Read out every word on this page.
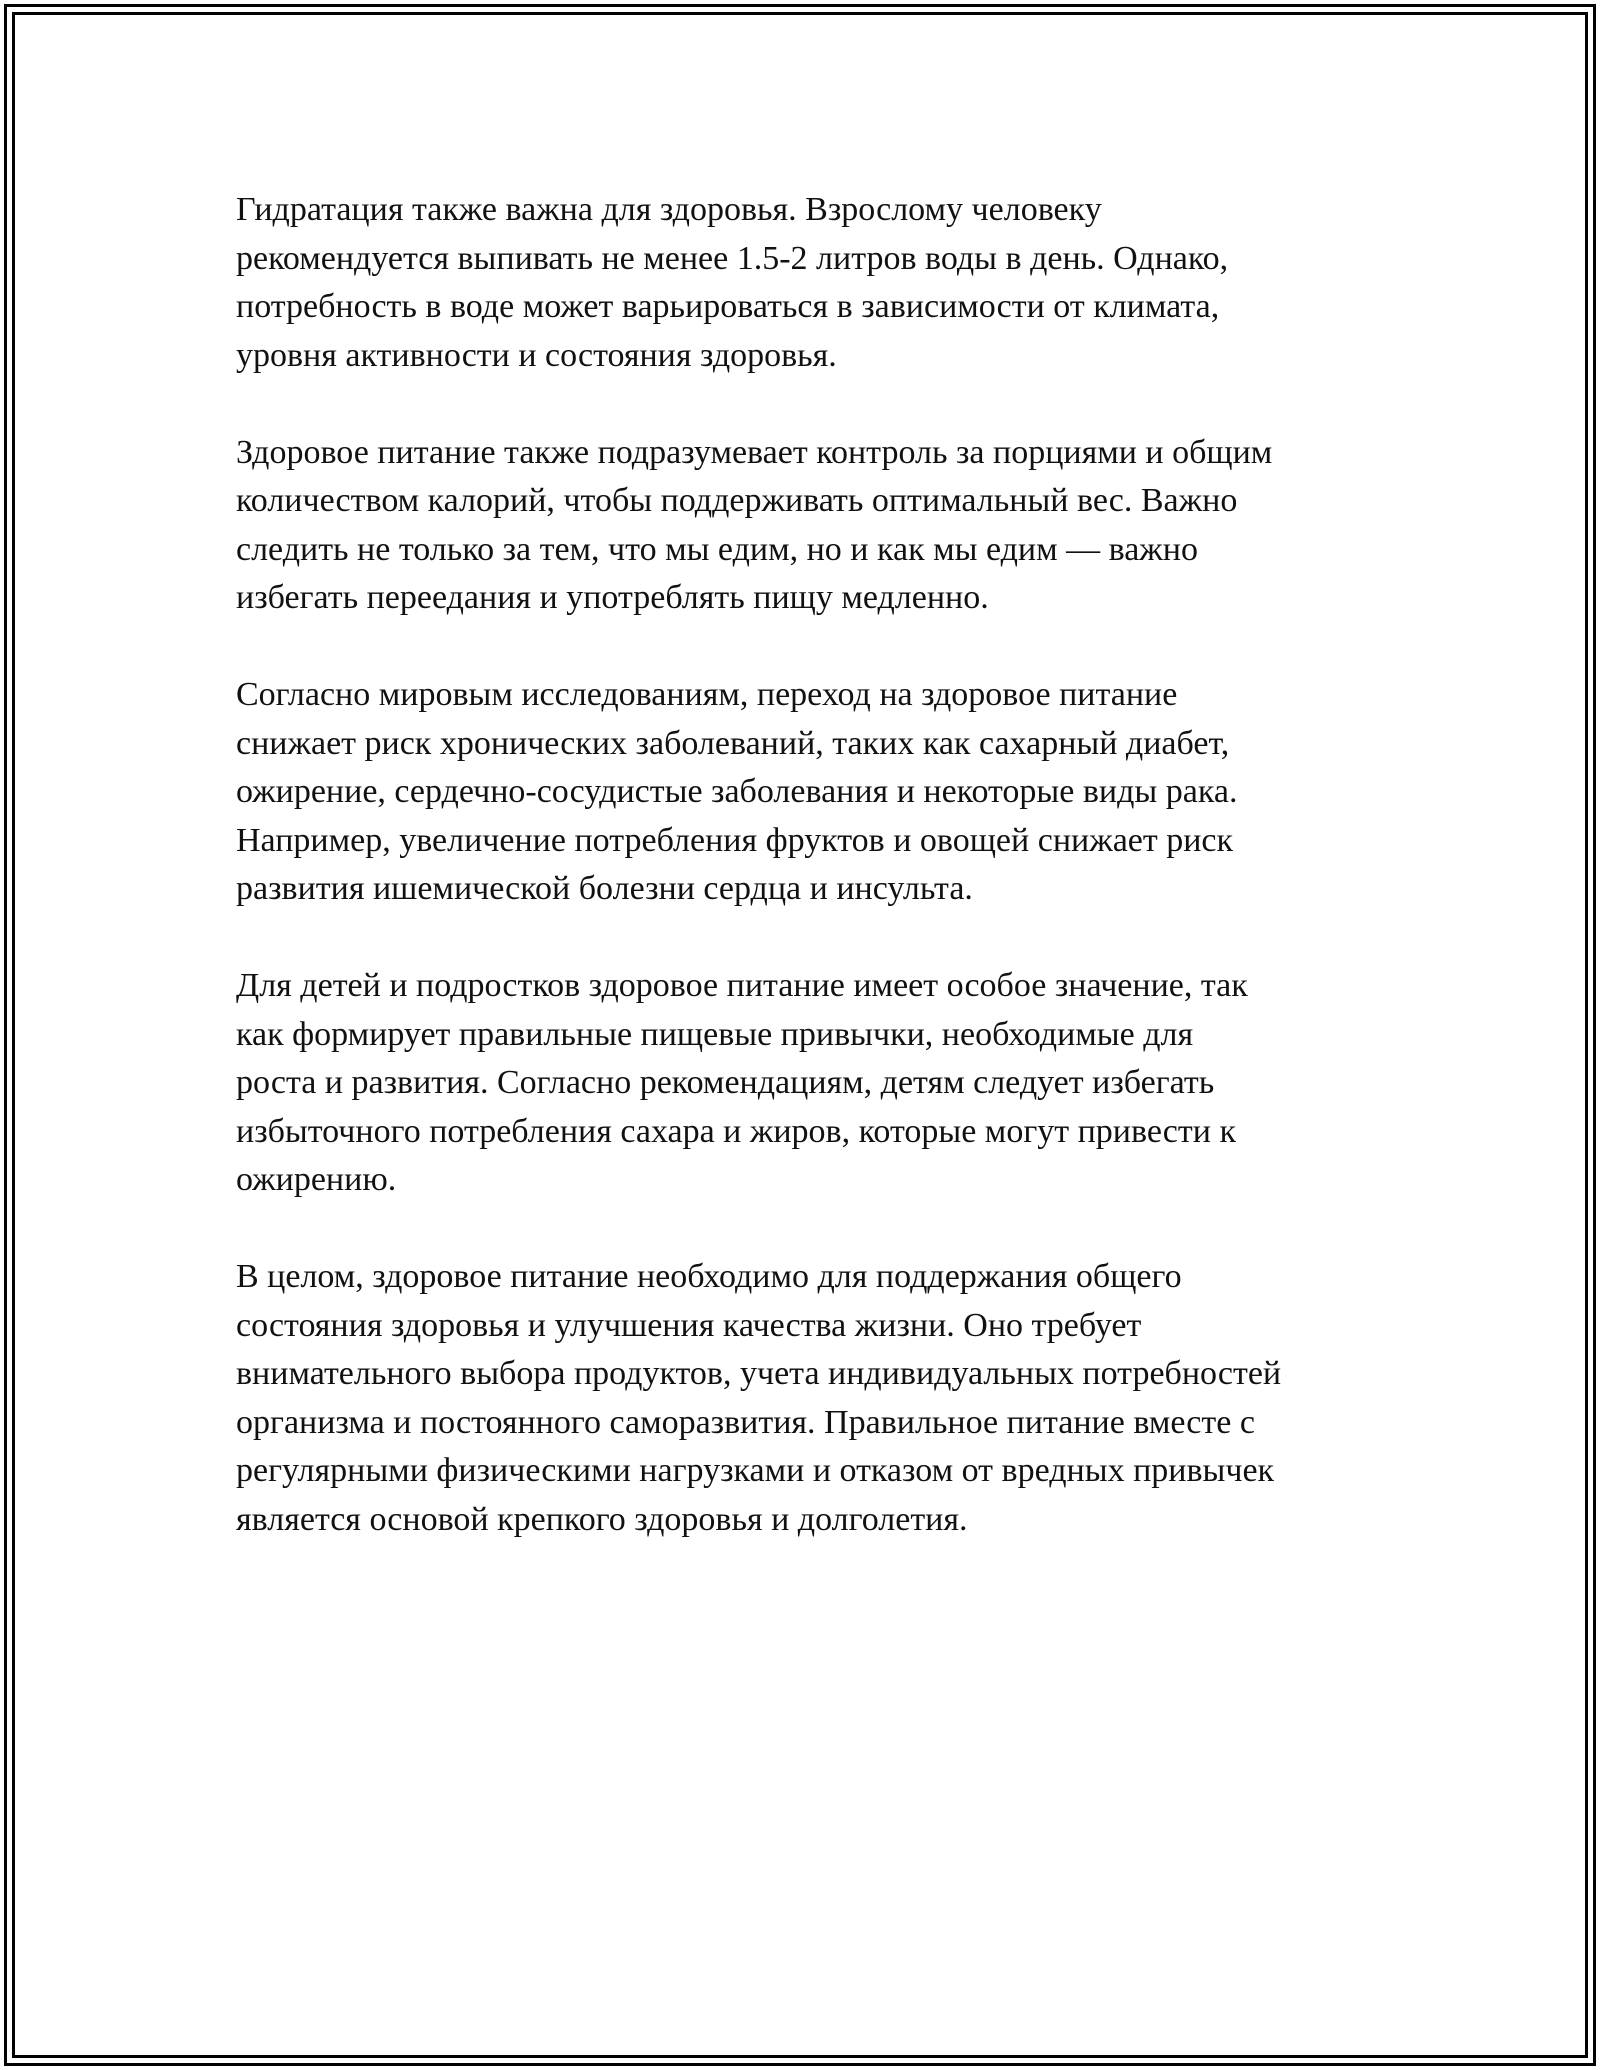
Гидратация также важна для здоровья. Взрослому человеку
рекомендуется выпивать не менее 1.5-2 литров воды в день. Однако,
потребность в воде может варьироваться в зависимости от климата,
уровня активности и состояния здоровья.

Здоровое питание также подразумевает контроль за порциями и общим
количеством калорий, чтобы поддерживать оптимальный вес. Важно
следить не только за тем, что мы едим, но и как мы едим — важно
избегать переедания и употреблять пищу медленно.

Согласно мировым исследованиям, переход на здоровое питание
снижает риск хронических заболеваний, таких как сахарный диабет,
ожирение, сердечно-сосудистые заболевания и некоторые виды рака.
Например, увеличение потребления фруктов и овощей снижает риск
развития ишемической болезни сердца и инсульта.

Для детей и подростков здоровое питание имеет особое значение, так
как формирует правильные пищевые привычки, необходимые для
роста и развития. Согласно рекомендациям, детям следует избегать
избыточного потребления сахара и жиров, которые могут привести к
ожирению.

В целом, здоровое питание необходимо для поддержания общего
состояния здоровья и улучшения качества жизни. Оно требует
внимательного выбора продуктов, учета индивидуальных потребностей
организма и постоянного саморазвития. Правильное питание вместе с
регулярными физическими нагрузками и отказом от вредных привычек
является основой крепкого здоровья и долголетия.
